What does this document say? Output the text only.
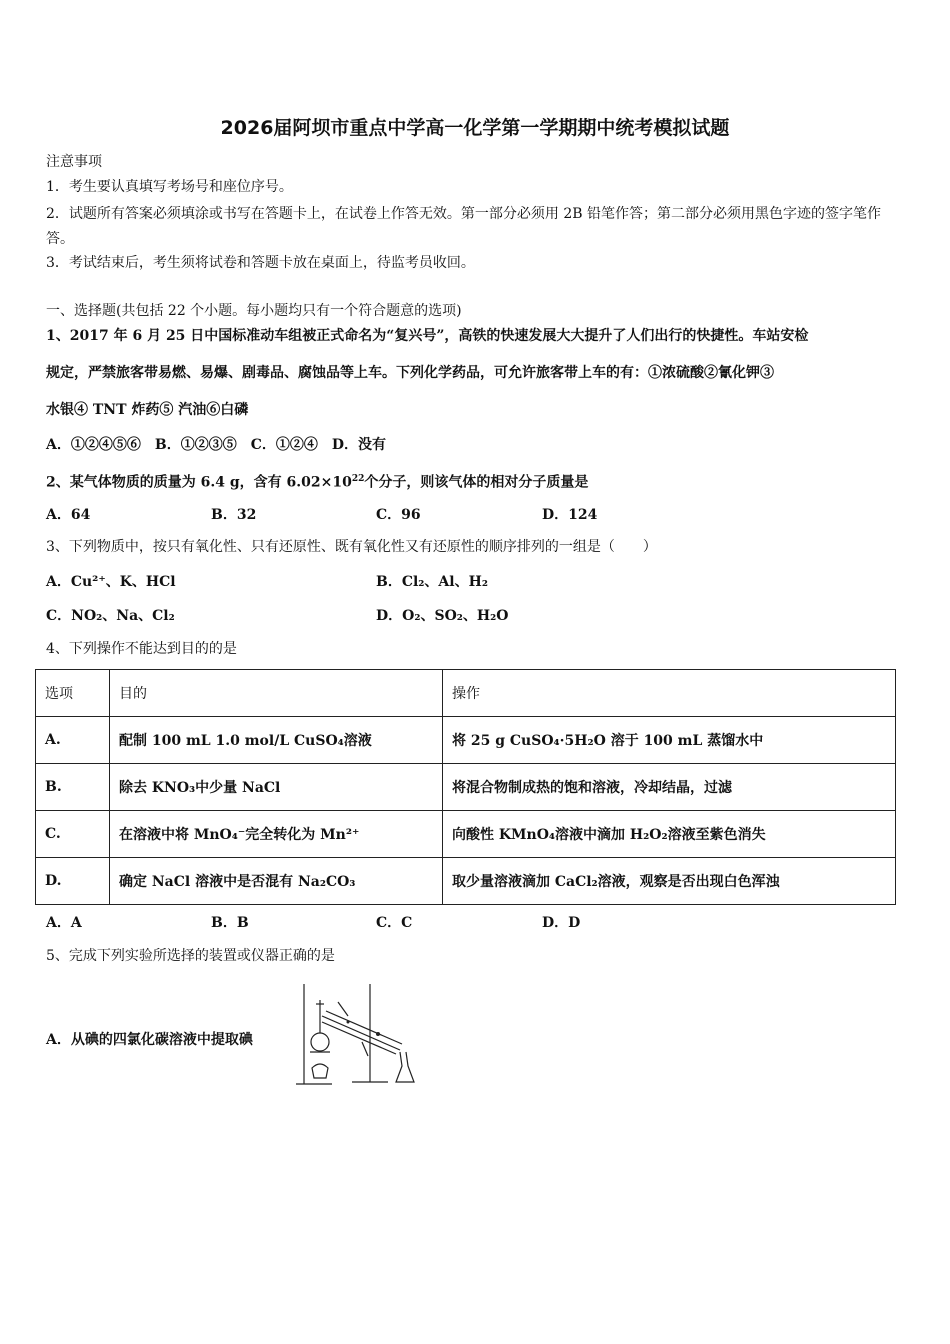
2026届阿坝市重点中学高一化学第一学期期中统考模拟试题
注意事项
1．考生要认真填写考场号和座位序号。
2．试题所有答案必须填涂或书写在答题卡上，在试卷上作答无效。第一部分必须用 2B 铅笔作答；第二部分必须用黑色字迹的签字笔作答。
3．考试结束后，考生须将试卷和答题卡放在桌面上，待监考员收回。
一、选择题(共包括 22 个小题。每小题均只有一个符合题意的选项)
1、2017 年 6 月 25 日中国标准动车组被正式命名为“复兴号”，高铁的快速发展大大提升了人们出行的快捷性。车站安检
规定，严禁旅客带易燃、易爆、剧毒品、腐蚀品等上车。下列化学药品，可允许旅客带上车的有：①浓硫酸②氰化钾③
水银④ TNT 炸药⑤ 汽油⑥白磷
A．①②④⑤⑥　B．①②③⑤　C．①②④　D．没有
2、某气体物质的质量为 6.4 g，含有 $6.02\times 10^{22}$个分子，则该气体的相对分子质量是
A．64	B．32	C．96	D．124
3、下列物质中，按只有氧化性、只有还原性、既有氧化性又有还原性的顺序排列的一组是（　　）
A．Cu²⁺、K、HCl	B．Cl₂、Al、H₂
C．NO₂、Na、Cl₂	D．O₂、SO₂、H₂O
4、下列操作不能达到目的的是
选项	目的	操作
A.	配制 100 mL 1.0 mol/L CuSO₄溶液	将 25 g CuSO₄·5H₂O 溶于 100 mL 蒸馏水中
B.	除去 KNO₃中少量 NaCl	将混合物制成热的饱和溶液，冷却结晶，过滤
C.	在溶液中将 MnO₄⁻完全转化为 Mn²⁺	向酸性 KMnO₄溶液中滴加 H₂O₂溶液至紫色消失
D.	确定 NaCl 溶液中是否混有 Na₂CO₃	取少量溶液滴加 CaCl₂溶液，观察是否出现白色浑浊
A．A	B．B	C．C	D．D
5、完成下列实验所选择的装置或仪器正确的是
A．从碘的四氯化碳溶液中提取碘
